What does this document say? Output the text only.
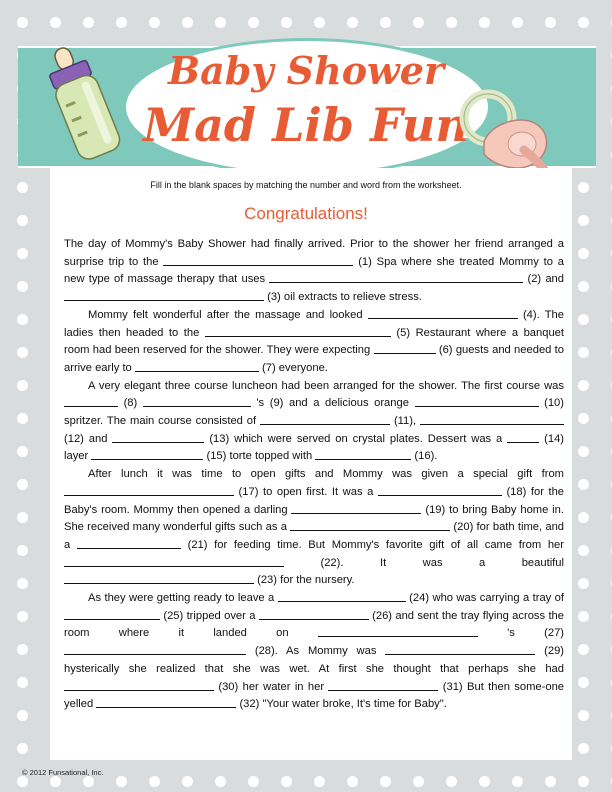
Baby Shower
Mad Lib Fun
Fill in the blank spaces by matching the number and word from the worksheet.
Congratulations!

The day of Mommy's Baby Shower had finally arrived. Prior to the shower her friend arranged a surprise trip to the	(1) Spa where she treated Mommy to a new type of massage therapy that uses	(2) and  (3) oil extracts to relieve stress.

Mommy felt wonderful after the massage and looked	(4). The ladies then headed to the	(5) Restaurant where a banquet room had been reserved for the shower. They were expecting	(6) guests and needed to arrive early to	(7) everyone.

A very elegant three course luncheon had been arranged for the shower. The first course was  (8)	's (9) and a delicious orange	(10) spritzer. The main course consisted of	(11),  (12) and	(13) which were served on crystal plates. Dessert was a	(14) layer	(15) torte topped with	(16).

After lunch it was time to open gifts and Mommy was given a special gift from  (17) to open first. It was a	(18) for the Baby's room. Mommy then opened a darling	(19) to bring Baby home in. She received many wonderful gifts such as a	(20) for bath time, and a	(21) for feeding time. But Mommy's favorite gift of all came from her  (22). It was a beautiful  (23) for the nursery.

As they were getting ready to leave a	(24) who was carrying a tray of  (25) tripped over a	(26) and sent the tray flying across the room where it landed on	's (27)  (28). As Mommy was	(29) hysterically she realized that she was wet. At first she thought that perhaps she had  (30) her water in her	(31) But then some-one yelled	(32) "Your water broke, It's time for Baby".

© 2012 Funsational, Inc.
